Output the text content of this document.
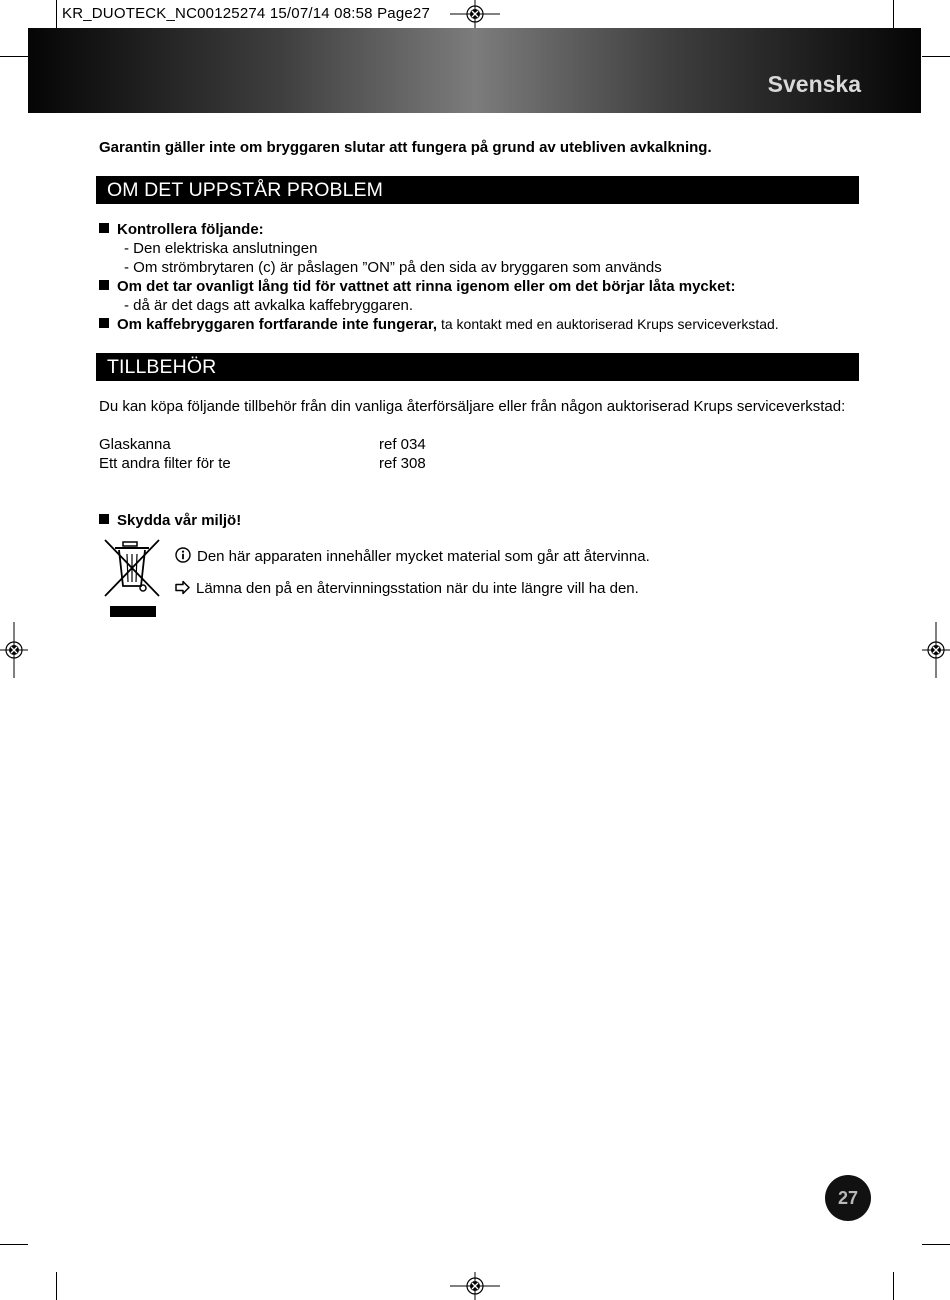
KR_DUOTECK_NC00125274 15/07/14 08:58 Page27
Svenska
Garantin gäller inte om bryggaren slutar att fungera på grund av utebliven avkalkning.
OM DET UPPSTÅR PROBLEM
Kontrollera följande:
- Den elektriska anslutningen
- Om strömbrytaren (c) är påslagen ”ON” på den sida av bryggaren som används
Om det tar ovanligt lång tid för vattnet att rinna igenom eller om det börjar låta mycket:
- då är det dags att avkalka kaffebryggaren.
Om kaffebryggaren fortfarande inte fungerar, ta kontakt med en auktoriserad Krups serviceverkstad.
TILLBEHÖR
Du kan köpa följande tillbehör från din vanliga återförsäljare eller från någon auktoriserad Krups serviceverkstad:
Glaskanna	ref 034
Ett andra filter för te	ref 308
Skydda vår miljö!
Den här apparaten innehåller mycket material som går att återvinna.
Lämna den på en återvinningsstation när du inte längre vill ha den.
27
